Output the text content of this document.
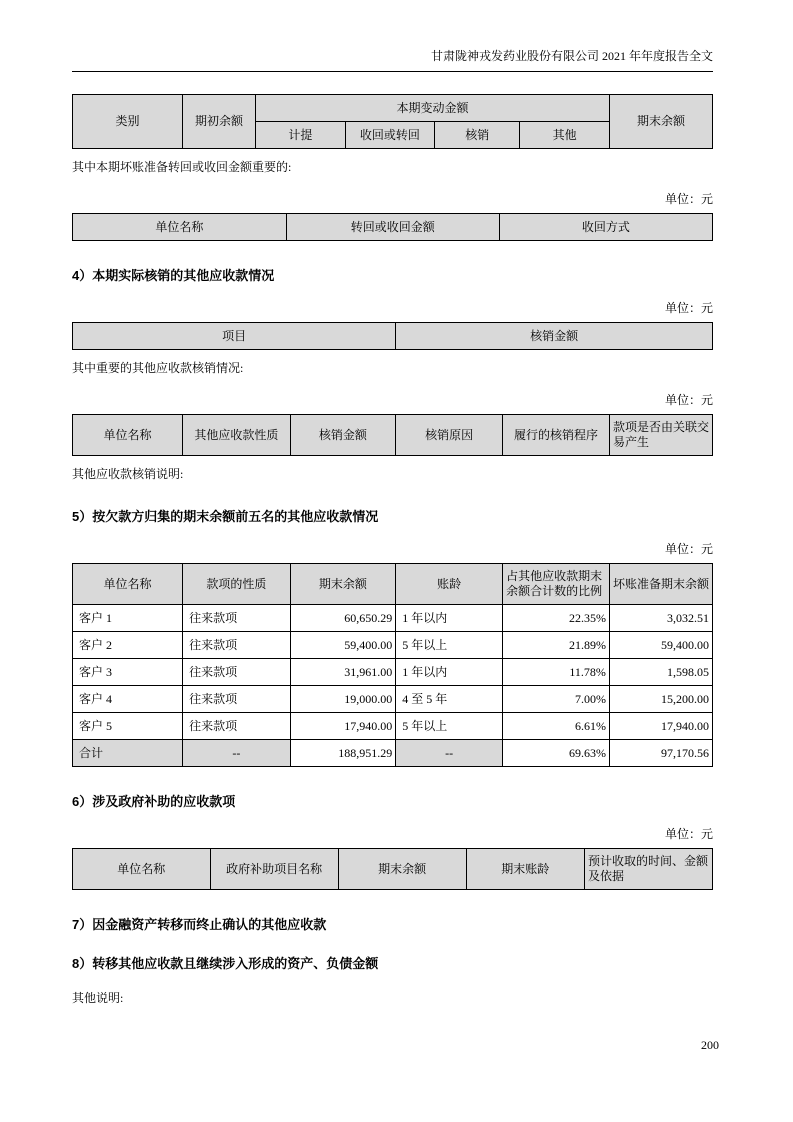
甘肃陇神戎发药业股份有限公司 2021 年年度报告全文
类别	期初余额	本期变动金额				期末余额
		计提	收回或转回	核销	其他	

其中本期坏账准备转回或收回金额重要的:

单位：元
单位名称	转回或收回金额	收回方式
4）本期实际核销的其他应收款情况
单位：元
项目	核销金额

其中重要的其他应收款核销情况:

单位：元
单位名称	其他应收款性质	核销金额	核销原因	履行的核销程序	款项是否由关联交易产生

其他应收款核销说明:

5）按欠款方归集的期末余额前五名的其他应收款情况
单位：元
单位名称	款项的性质	期末余额	账龄	占其他应收款期末余额合计数的比例	坏账准备期末余额
客户 1	往来款项	60,650.29	1 年以内	22.35%	3,032.51
客户 2	往来款项	59,400.00	5 年以上	21.89%	59,400.00
客户 3	往来款项	31,961.00	1 年以内	11.78%	1,598.05
客户 4	往来款项	19,000.00	4 至 5 年	7.00%	15,200.00
客户 5	往来款项	17,940.00	5 年以上	6.61%	17,940.00
合计	--	188,951.29	--	69.63%	97,170.56
6）涉及政府补助的应收款项
单位：元
单位名称	政府补助项目名称	期末余额	期末账龄	预计收取的时间、金额及依据
7）因金融资产转移而终止确认的其他应收款
8）转移其他应收款且继续涉入形成的资产、负债金额

其他说明:

200
